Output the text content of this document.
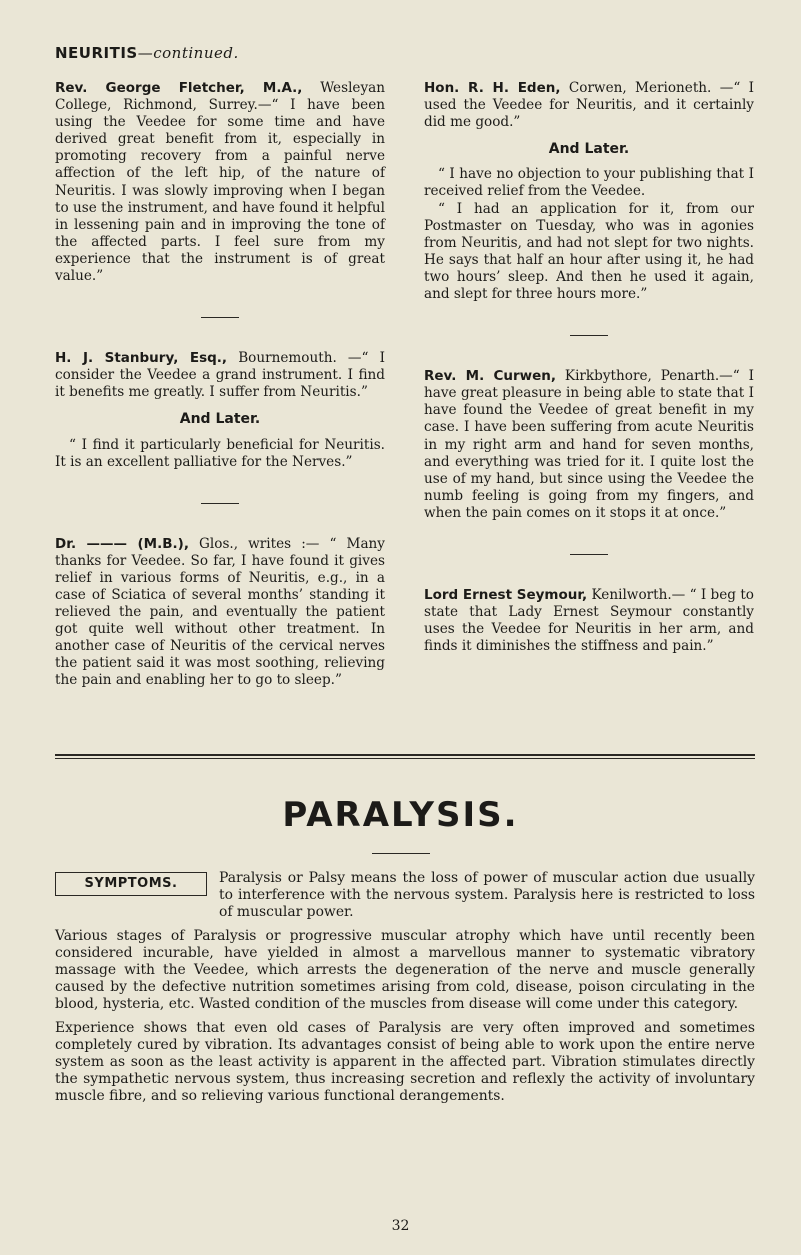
NEURITIS—continued.

Rev. George Fletcher, M.A., Wesleyan College, Richmond, Surrey.—“ I have been using the Veedee for some time and have derived great benefit from it, especially in promoting recovery from a painful nerve affection of the left hip, of the nature of Neuritis. I was slowly improving when I began to use the instrument, and have found it helpful in lessening pain and in improving the tone of the affected parts. I feel sure from my experience that the instrument is of great value.”

H. J. Stanbury, Esq., Bournemouth. —“ I consider the Veedee a grand instrument. I find it benefits me greatly. I suffer from Neuritis.”

And Later.

“ I find it particularly beneficial for Neuritis. It is an excellent palliative for the Nerves.”

Dr. ——— (M.B.), Glos., writes :— “ Many thanks for Veedee. So far, I have found it gives relief in various forms of Neuritis, e.g., in a case of Sciatica of several months’ standing it relieved the pain, and eventually the patient got quite well without other treatment. In another case of Neuritis of the cervical nerves the patient said it was most soothing, relieving the pain and enabling her to go to sleep.”

Hon. R. H. Eden, Corwen, Merioneth. —“ I used the Veedee for Neuritis, and it certainly did me good.”

And Later.

“ I have no objection to your publishing that I received relief from the Veedee.

“ I had an application for it, from our Postmaster on Tuesday, who was in agonies from Neuritis, and had not slept for two nights. He says that half an hour after using it, he had two hours’ sleep. And then he used it again, and slept for three hours more.”

Rev. M. Curwen, Kirkbythore, Penarth.—“ I have great pleasure in being able to state that I have found the Veedee of great benefit in my case. I have been suffering from acute Neuritis in my right arm and hand for seven months, and everything was tried for it. I quite lost the use of my hand, but since using the Veedee the numb feeling is going from my fingers, and when the pain comes on it stops it at once.”

Lord Ernest Seymour, Kenilworth.— “ I beg to state that Lady Ernest Seymour constantly uses the Veedee for Neuritis in her arm, and finds it diminishes the stiffness and pain.”

PARALYSIS.
SYMPTOMS.	Paralysis or Palsy means the loss of power of muscular action due usually to interference with the nervous system. Paralysis here is restricted to loss of muscular power.

Various stages of Paralysis or progressive muscular atrophy which have until recently been considered incurable, have yielded in almost a marvellous manner to systematic vibratory massage with the Veedee, which arrests the degeneration of the nerve and muscle generally caused by the defective nutrition sometimes arising from cold, disease, poison circulating in the blood, hysteria, etc. Wasted condition of the muscles from disease will come under this category.

Experience shows that even old cases of Paralysis are very often improved and sometimes completely cured by vibration. Its advantages consist of being able to work upon the entire nerve system as soon as the least activity is apparent in the affected part. Vibration stimulates directly the sympathetic nervous system, thus increasing secretion and reflexly the activity of involuntary muscle fibre, and so relieving various functional derangements.

32
